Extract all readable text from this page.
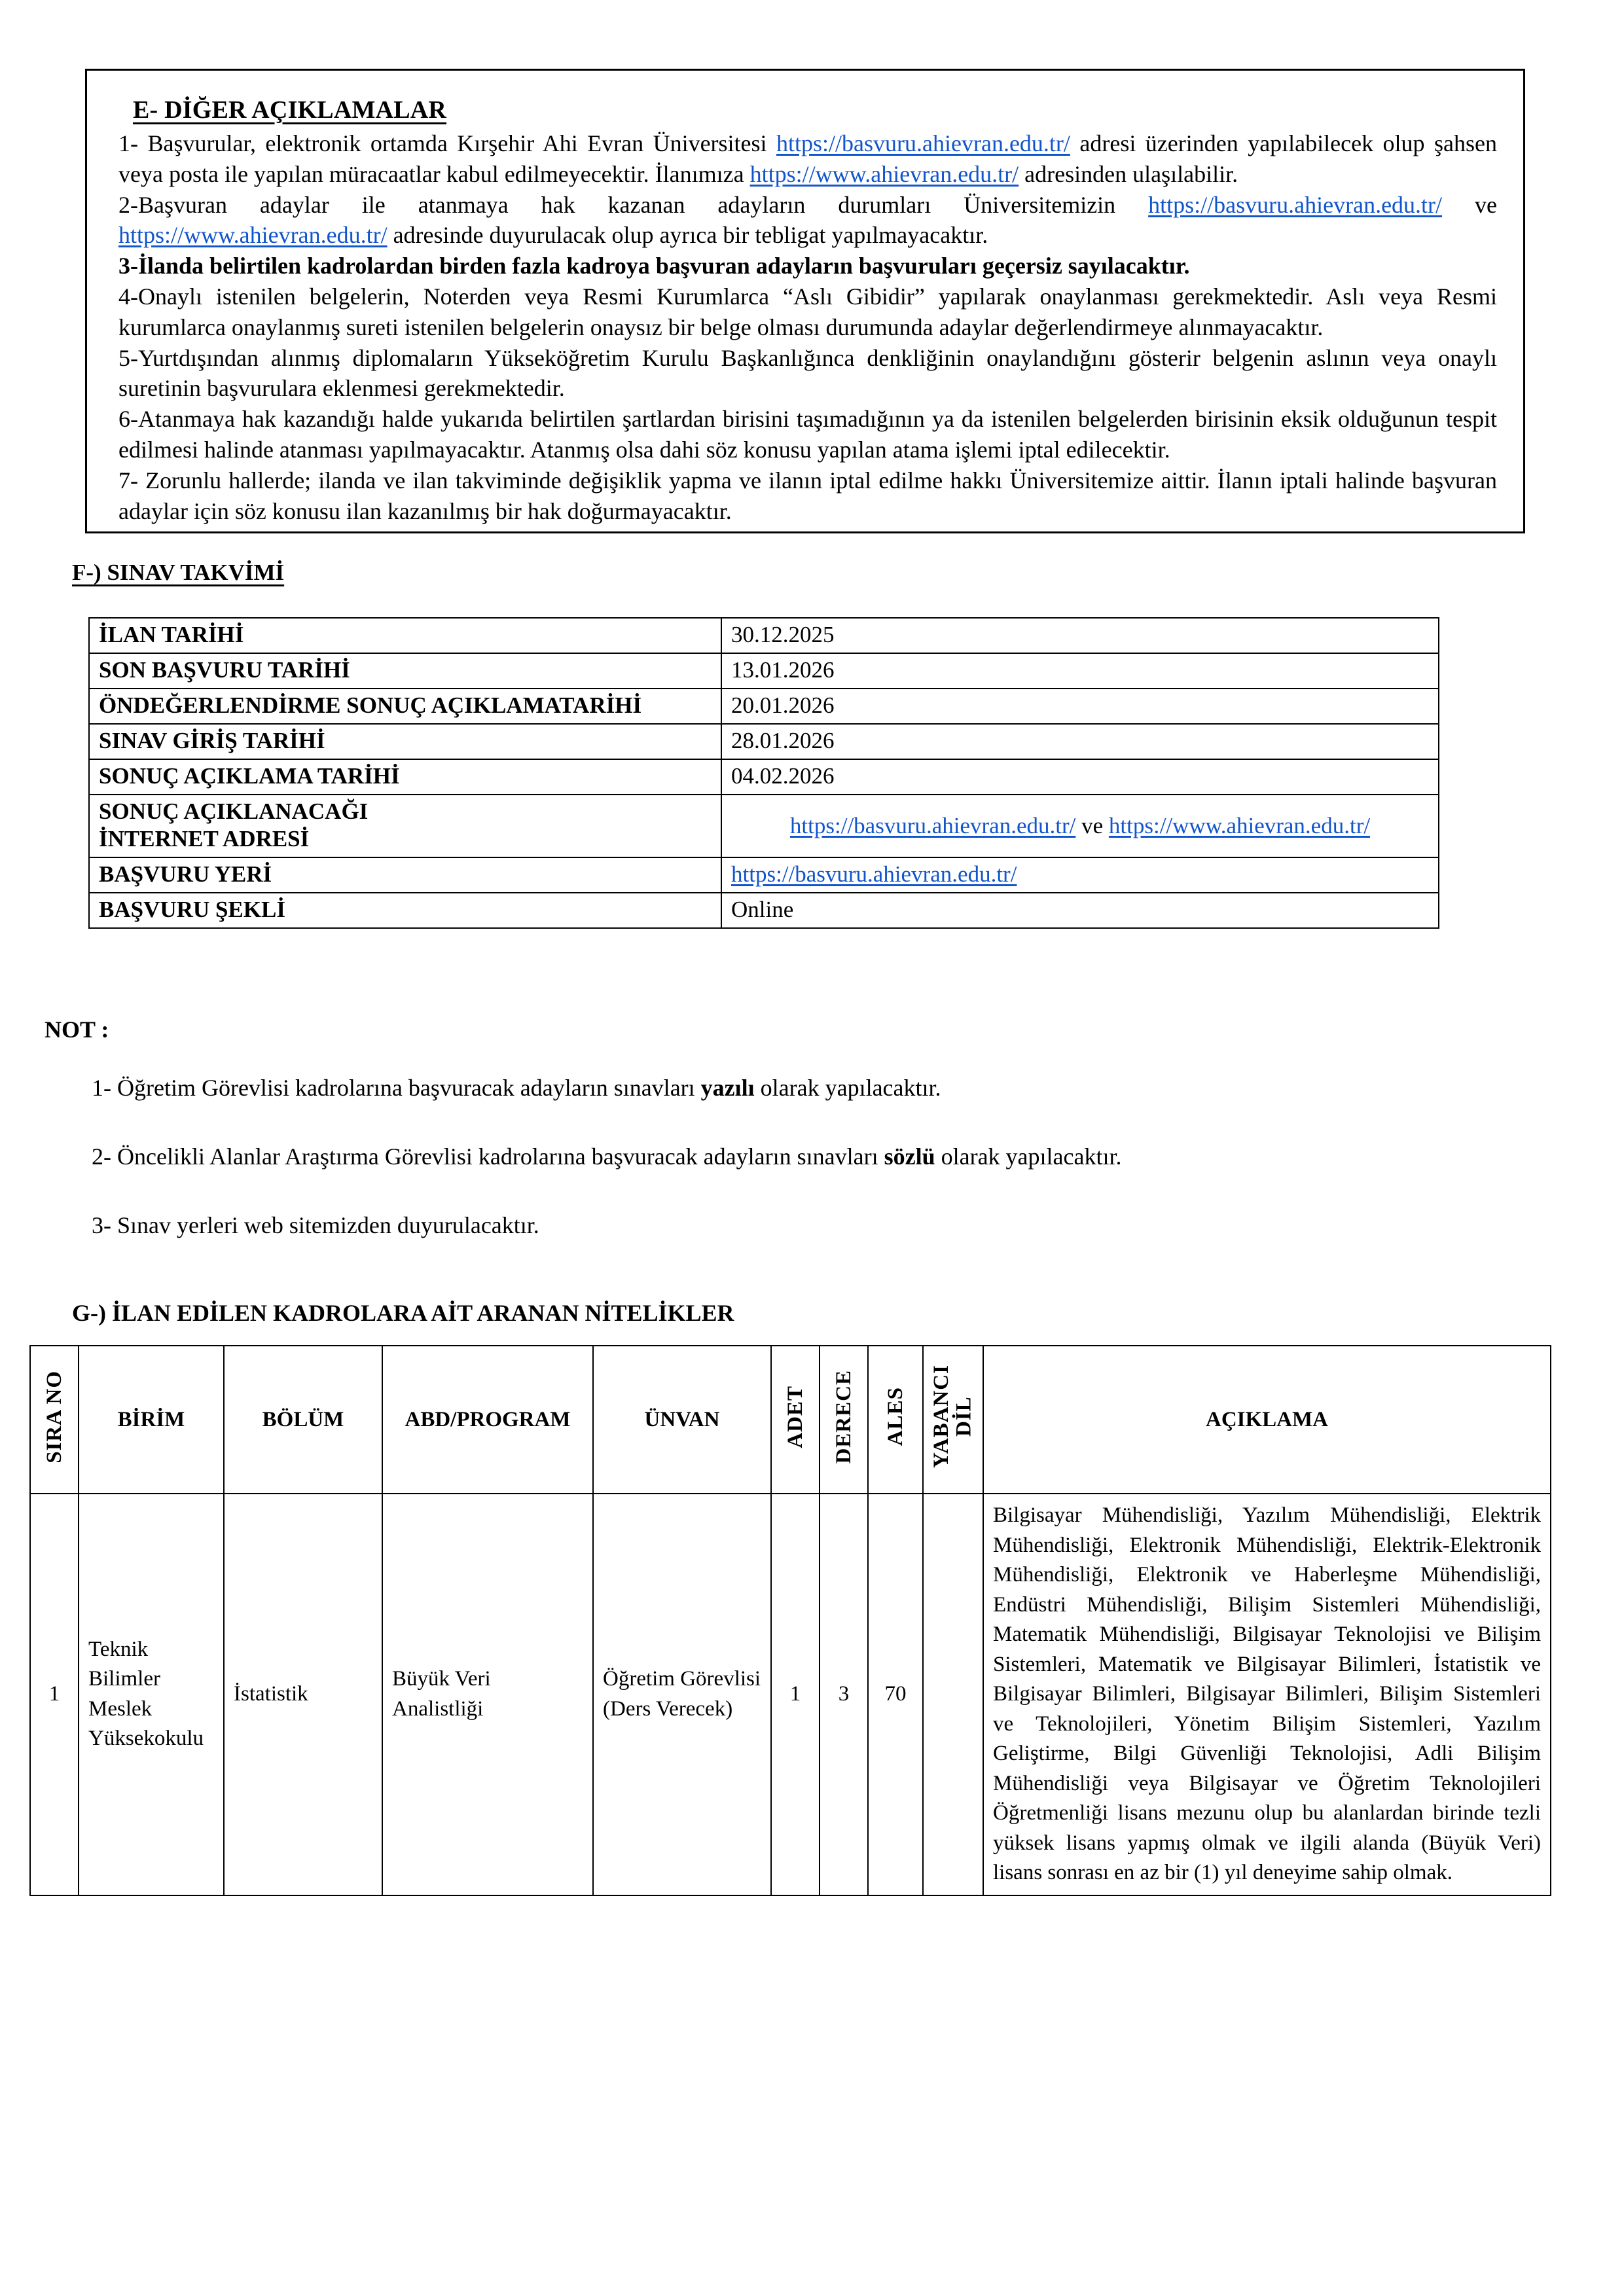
E- DİĞER AÇIKLAMALAR

1- Başvurular, elektronik ortamda Kırşehir Ahi Evran Üniversitesi https://basvuru.ahievran.edu.tr/ adresi üzerinden yapılabilecek olup şahsen veya posta ile yapılan müracaatlar kabul edilmeyecektir. İlanımıza https://www.ahievran.edu.tr/ adresinden ulaşılabilir.

2-Başvuran adaylar ile atanmaya hak kazanan adayların durumları Üniversitemizin https://basvuru.ahievran.edu.tr/ ve https://www.ahievran.edu.tr/ adresinde duyurulacak olup ayrıca bir tebligat yapılmayacaktır.

3-İlanda belirtilen kadrolardan birden fazla kadroya başvuran adayların başvuruları geçersiz sayılacaktır.

4-Onaylı istenilen belgelerin, Noterden veya Resmi Kurumlarca “Aslı Gibidir” yapılarak onaylanması gerekmektedir. Aslı veya Resmi kurumlarca onaylanmış sureti istenilen belgelerin onaysız bir belge olması durumunda adaylar değerlendirmeye alınmayacaktır.

5-Yurtdışından alınmış diplomaların Yükseköğretim Kurulu Başkanlığınca denkliğinin onaylandığını gösterir belgenin aslının veya onaylı suretinin başvurulara eklenmesi gerekmektedir.

6-Atanmaya hak kazandığı halde yukarıda belirtilen şartlardan birisini taşımadığının ya da istenilen belgelerden birisinin eksik olduğunun tespit edilmesi halinde atanması yapılmayacaktır. Atanmış olsa dahi söz konusu yapılan atama işlemi iptal edilecektir.

7- Zorunlu hallerde; ilanda ve ilan takviminde değişiklik yapma ve ilanın iptal edilme hakkı Üniversitemize aittir. İlanın iptali halinde başvuran adaylar için söz konusu ilan kazanılmış bir hak doğurmayacaktır.

F-) SINAV TAKVİMİ
İLAN TARİHİ	30.12.2025
SON BAŞVURU TARİHİ	13.01.2026
ÖNDEĞERLENDİRME SONUÇ AÇIKLAMATARİHİ	20.01.2026
SINAV GİRİŞ TARİHİ	28.01.2026
SONUÇ AÇIKLAMA TARİHİ	04.02.2026
SONUÇ AÇIKLANACAĞI
İNTERNET ADRESİ	https://basvuru.ahievran.edu.tr/ ve https://www.ahievran.edu.tr/
BAŞVURU YERİ	https://basvuru.ahievran.edu.tr/
BAŞVURU ŞEKLİ	Online
NOT :
1- Öğretim Görevlisi kadrolarına başvuracak adayların sınavları yazılı olarak yapılacaktır.
2- Öncelikli Alanlar Araştırma Görevlisi kadrolarına başvuracak adayların sınavları sözlü olarak yapılacaktır.
3- Sınav yerleri web sitemizden duyurulacaktır.
G-) İLAN EDİLEN KADROLARA AİT ARANAN NİTELİKLER
SIRA NO	BİRİM	BÖLÜM	ABD/PROGRAM	ÜNVAN	ADET	DERECE	ALES	YABANCI DİL	AÇIKLAMA
1	Teknik Bilimler Meslek Yüksekokulu	İstatistik	Büyük Veri Analistliği	Öğretim Görevlisi (Ders Verecek)	1	3	70		Bilgisayar Mühendisliği, Yazılım Mühendisliği, Elektrik Mühendisliği, Elektronik Mühendisliği, Elektrik-Elektronik Mühendisliği, Elektronik ve Haberleşme Mühendisliği, Endüstri Mühendisliği, Bilişim Sistemleri Mühendisliği, Matematik Mühendisliği, Bilgisayar Teknolojisi ve Bilişim Sistemleri, Matematik ve Bilgisayar Bilimleri, İstatistik ve Bilgisayar Bilimleri, Bilgisayar Bilimleri, Bilişim Sistemleri ve Teknolojileri, Yönetim Bilişim Sistemleri, Yazılım Geliştirme, Bilgi Güvenliği Teknolojisi, Adli Bilişim Mühendisliği veya Bilgisayar ve Öğretim Teknolojileri Öğretmenliği lisans mezunu olup bu alanlardan birinde tezli yüksek lisans yapmış olmak ve ilgili alanda (Büyük Veri) lisans sonrası en az bir (1) yıl deneyime sahip olmak.
